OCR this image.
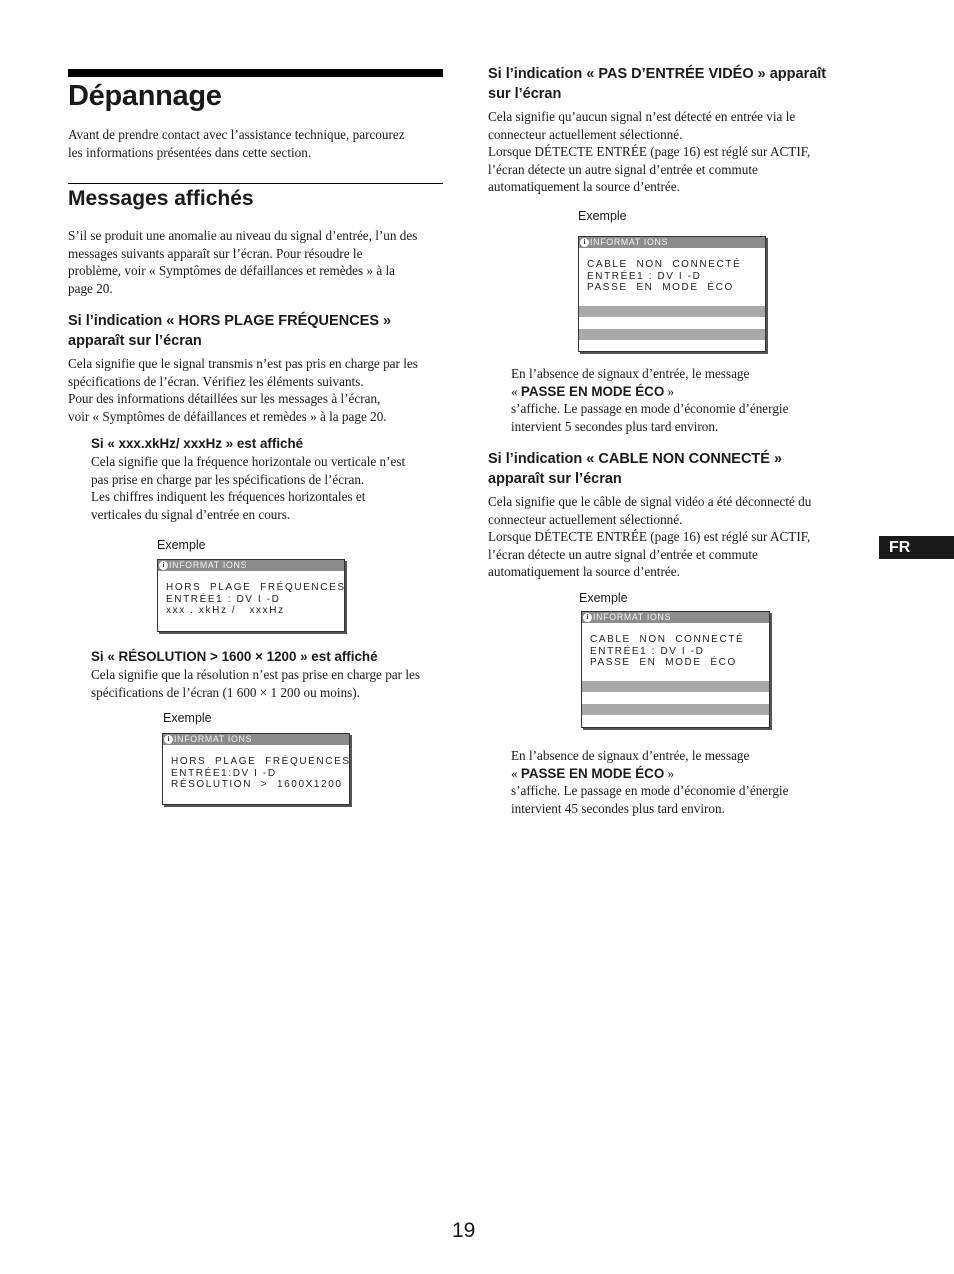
Dépannage

Avant de prendre contact avec l’assistance technique, parcourez

les informations présentées dans cette section.

Messages affichés

S’il se produit une anomalie au niveau du signal d’entrée, l’un des

messages suivants apparaît sur l’écran. Pour résoudre le

problème, voir « Symptômes de défaillances et remèdes » à la

page 20.

Si l’indication « HORS PLAGE FRÉQUENCES »
apparaît sur l’écran

Cela signifie que le signal transmis n’est pas pris en charge par les

spécifications de l’écran. Vérifiez les éléments suivants.

Pour des informations détaillées sur les messages à l’écran,

voir « Symptômes de défaillances et remèdes » à la page 20.

Si « xxx.xkHz/ xxxHz » est affiché

Cela signifie que la fréquence horizontale ou verticale n’est

pas prise en charge par les spécifications de l’écran.

Les chiffres indiquent les fréquences horizontales et

verticales du signal d’entrée en cours.

Exemple
i INFORMAT IONS
HORS  PLAGE  FRÉQUENCES
ENTRÉE1 : DV I -D
xxx . xkHz /   xxxHz
Si « RÉSOLUTION > 1600 × 1200 » est affiché

Cela signifie que la résolution n’est pas prise en charge par les

spécifications de l’écran (1 600 × 1 200 ou moins).

Exemple
i INFORMAT IONS
HORS  PLAGE  FRÉQUENCES
ENTRÉE1:DV I -D
RÉSOLUTION  >  1600X1200
Si l’indication « PAS D’ENTRÉE VIDÉO » apparaît
sur l’écran

Cela signifie qu’aucun signal n’est détecté en entrée via le

connecteur actuellement sélectionné.

Lorsque DÉTECTE ENTRÉE (page 16) est réglé sur ACTIF,

l’écran détecte un autre signal d’entrée et commute

automatiquement la source d’entrée.

Exemple
i INFORMAT IONS
CABLE  NON  CONNECTÉ
ENTRÉE1 : DV I -D
PASSE  EN  MODE  ÉCO

En l’absence de signaux d’entrée, le message

« PASSE EN MODE ÉCO »

s’affiche. Le passage en mode d’économie d’énergie

intervient 5 secondes plus tard environ.

Si l’indication « CABLE NON CONNECTÉ »
apparaît sur l’écran

Cela signifie que le câble de signal vidéo a été déconnecté du

connecteur actuellement sélectionné.

Lorsque DÉTECTE ENTRÉE (page 16) est réglé sur ACTIF,

l’écran détecte un autre signal d’entrée et commute

automatiquement la source d’entrée.

Exemple
i INFORMAT IONS
CABLE  NON  CONNECTÉ
ENTRÉE1 : DV I -D
PASSE  EN  MODE  ÉCO

En l’absence de signaux d’entrée, le message

« PASSE EN MODE ÉCO »

s’affiche. Le passage en mode d’économie d’énergie

intervient 45 secondes plus tard environ.

FR
19
